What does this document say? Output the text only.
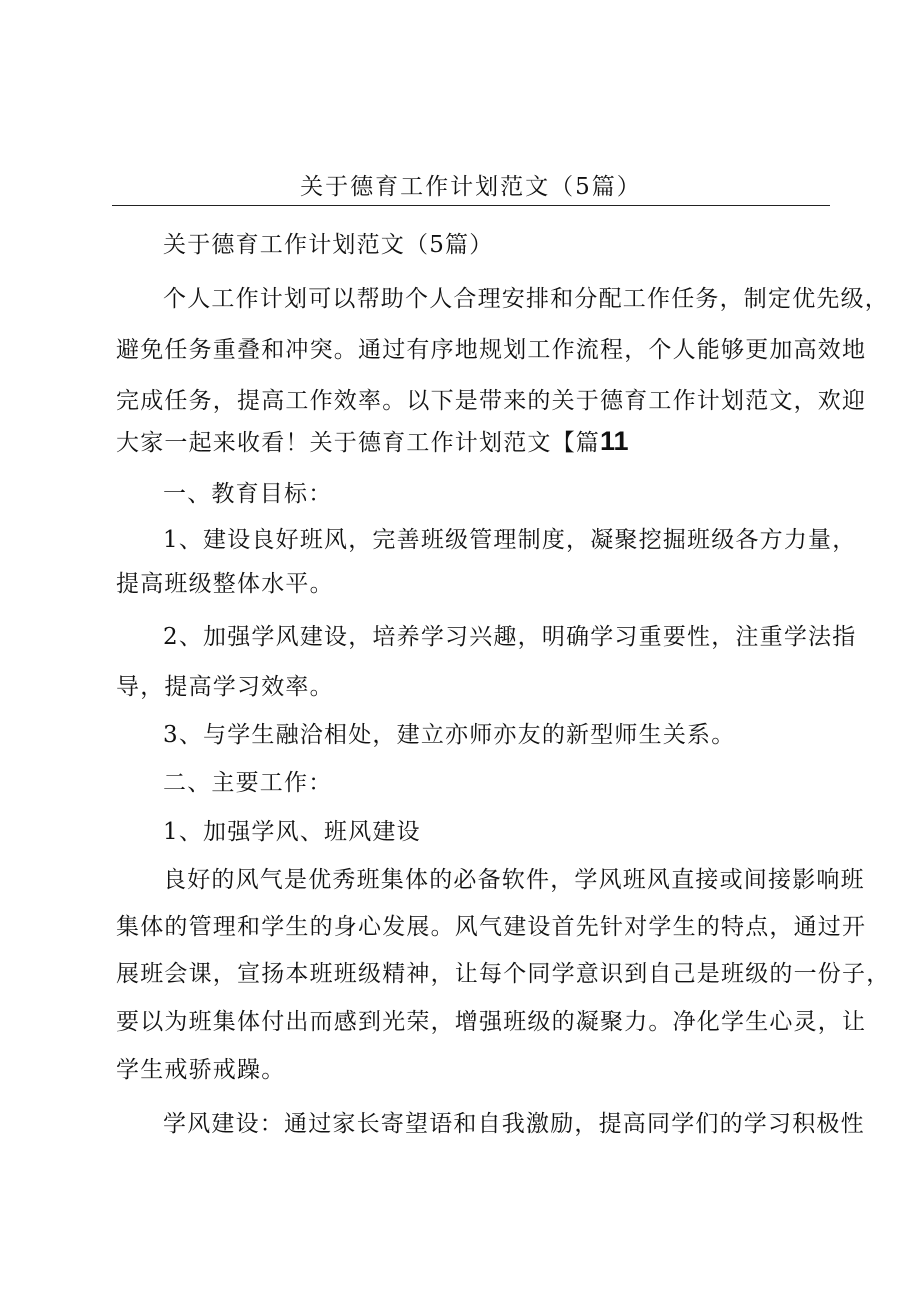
关于德育工作计划范文（5篇）
关于德育工作计划范文（5篇）
个人工作计划可以帮助个人合理安排和分配工作任务，制定优先级，
避免任务重叠和冲突。通过有序地规划工作流程，个人能够更加高效地
完成任务，提高工作效率。以下是带来的关于德育工作计划范文，欢迎
大家一起来收看！关于德育工作计划范文【篇11
一、教育目标：
1、建设良好班风，完善班级管理制度，凝聚挖掘班级各方力量，
提高班级整体水平。
2、加强学风建设，培养学习兴趣，明确学习重要性，注重学法指
导，提高学习效率。
3、与学生融洽相处，建立亦师亦友的新型师生关系。
二、主要工作：
1、加强学风、班风建设
良好的风气是优秀班集体的必备软件，学风班风直接或间接影响班
集体的管理和学生的身心发展。风气建设首先针对学生的特点，通过开
展班会课，宣扬本班班级精神，让每个同学意识到自己是班级的一份子，
要以为班集体付出而感到光荣，增强班级的凝聚力。净化学生心灵，让
学生戒骄戒躁。
学风建设：通过家长寄望语和自我激励，提高同学们的学习积极性
